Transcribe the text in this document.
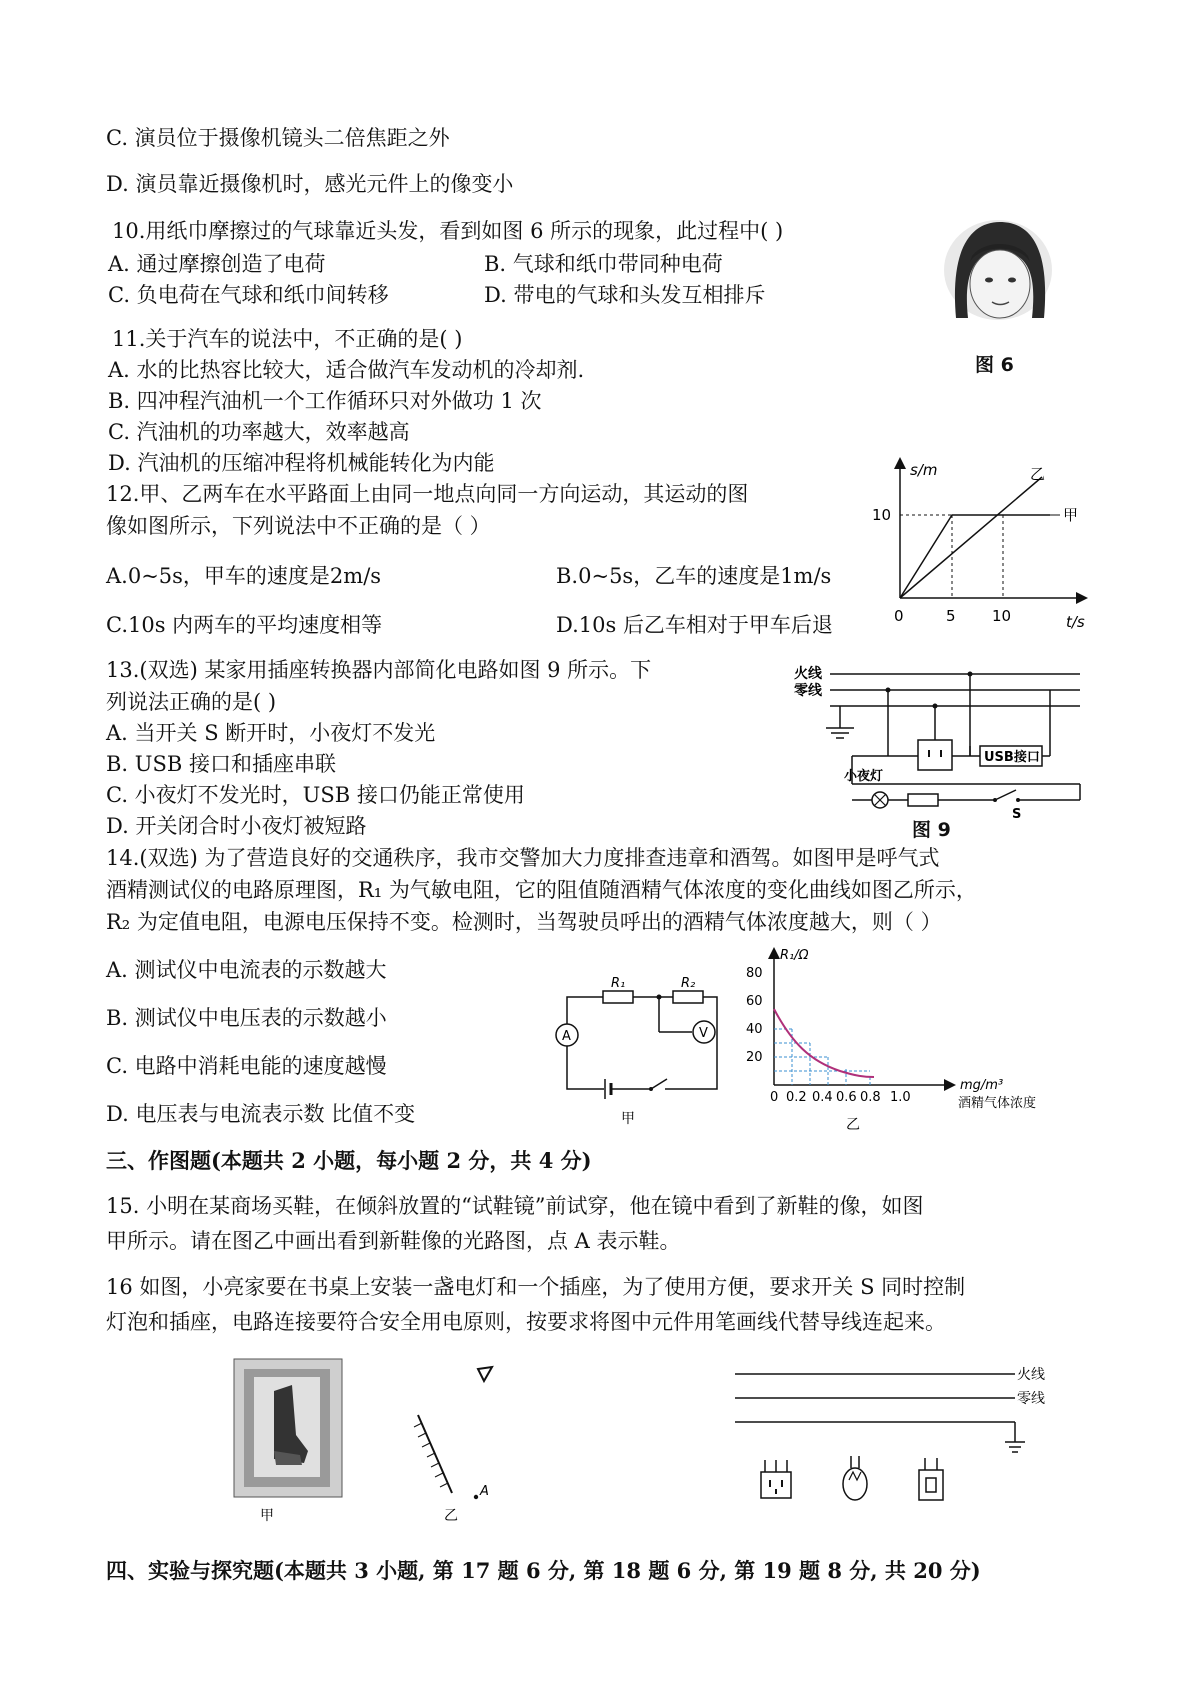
C. 演员位于摄像机镜头二倍焦距之外
D. 演员靠近摄像机时，感光元件上的像变小
10.用纸巾摩擦过的气球靠近头发，看到如图 6 所示的现象，此过程中( )
A. 通过摩擦创造了电荷	B. 气球和纸巾带同种电荷
C. 负电荷在气球和纸巾间转移	D. 带电的气球和头发互相排斥
图 6
11.关于汽车的说法中，不正确的是( )
A. 水的比热容比较大，适合做汽车发动机的冷却剂.
B. 四冲程汽油机一个工作循环只对外做功 1 次
C. 汽油机的功率越大，效率越高
D. 汽油机的压缩冲程将机械能转化为内能
12.甲、乙两车在水平路面上由同一地点向同一方向运动，其运动的图
像如图所示，下列说法中不正确的是（ ）
A.0~5s，甲车的速度是2m/s	B.0~5s，乙车的速度是1m/s
C.10s 内两车的平均速度相等	D.10s 后乙车相对于甲车后退
s/m
t/s
10
0	5 10
甲
乙
13.(双选) 某家用插座转换器内部简化电路如图 9 所示。下
列说法正确的是( )
A. 当开关 S 断开时，小夜灯不发光
B. USB 接口和插座串联
C. 小夜灯不发光时，USB 接口仍能正常使用
D. 开关闭合时小夜灯被短路
火线
零线
USB接口
小夜灯
S
图 9
14.(双选) 为了营造良好的交通秩序，我市交警加大力度排查违章和酒驾。如图甲是呼气式
酒精测试仪的电路原理图，R₁ 为气敏电阻，它的阻值随酒精气体浓度的变化曲线如图乙所示，
R₂ 为定值电阻，电源电压保持不变。检测时，当驾驶员呼出的酒精气体浓度越大，则（ ）
A. 测试仪中电流表的示数越大
B. 测试仪中电压表的示数越小
C. 电路中消耗电能的速度越慢
D. 电压表与电流表示数 比值不变
R₁	R₂
A	V
甲
R₁/Ω
80
60
40
20
0 0.2 0.4 0.6 0.8 1.0
mg/m³
酒精气体浓度
乙
三、作图题(本题共 2 小题，每小题 2 分，共 4 分)
15. 小明在某商场买鞋，在倾斜放置的“试鞋镜”前试穿，他在镜中看到了新鞋的像，如图
甲所示。请在图乙中画出看到新鞋像的光路图，点 A 表示鞋。
16 如图，小亮家要在书桌上安装一盏电灯和一个插座，为了使用方便，要求开关 S 同时控制
灯泡和插座，电路连接要符合安全用电原则，按要求将图中元件用笔画线代替导线连起来。
甲
A
乙
火线
零线
四、实验与探究题(本题共 3 小题, 第 17 题 6 分, 第 18 题 6 分, 第 19 题 8 分, 共 20 分)
